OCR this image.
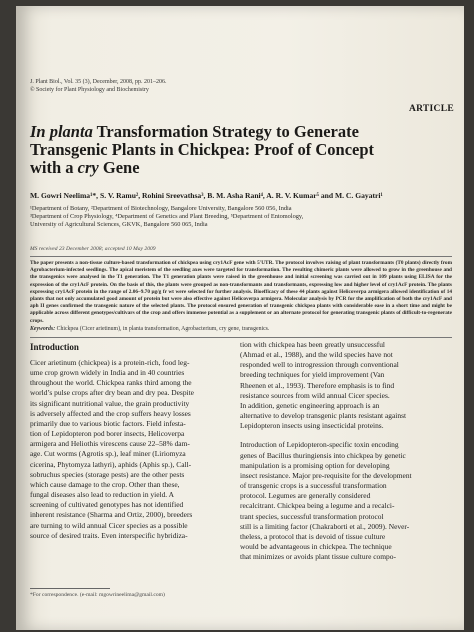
J. Plant Biol., Vol. 35 (3), December, 2008, pp. 201–206.
© Society for Plant Physiology and Biochemistry
ARTICLE
In planta Transformation Strategy to Generate
Transgenic Plants in Chickpea: Proof of Concept
with a cry Gene
M. Gowri Neelima¹*, S. V. Ramu², Rohini Sreevathsa³, B. M. Asha Rani⁴, A. R. V. Kumar⁵ and M. C. Gayatri¹
¹Department of Botany, ²Department of Biotechnology, Bangalore University, Bangalore 560 056, India
³Department of Crop Physiology, ⁴Department of Genetics and Plant Breeding, ⁵Department of Entomology,
University of Agricultural Sciences, GKVK, Bangalore 560 065, India
MS received 23 December 2008; accepted 10 May 2009
The paper presents a non-tissue culture-based transformation of chickpea using cry1AcF gene with 5′UTR. The protocol involves raising of plant transformants (T0 plants) directly from Agrobacterium-infected seedlings. The apical meristem of the seedling axes were targeted for transformation. The resulting chimeric plants were allowed to grow in the greenhouse and the transgenics were analysed in the T1 generation. The T1 generation plants were raised in the greenhouse and initial screening was carried out in 109 plants using ELISA for the expression of the cry1AcF protein. On the basis of this, the plants were grouped as non-transformants and transformants, expressing low and higher level of cry1AcF protein. The plants expressing cry1AcF protein in the range of 2.06–9.70 µg/g fr wt were selected for further analysis. Bioefficacy of these 44 plants against Helicoverpa armigera allowed identification of 14 plants that not only accumulated good amount of protein but were also effective against Helicoverpa armigera. Molecular analysis by PCR for the amplification of both the cry1AcF and aph II genes confirmed the transgenic nature of the selected plants. The protocol ensured generation of transgenic chickpea plants with considerable ease in a short time and might be applicable across different genotypes/cultivars of the crop and offers immense potential as a supplement or an alternate protocol for generating transgenic plants of difficult-to-regenerate crops.
Keywords: Chickpea (Cicer arietinum), in planta transformation, Agrobacterium, cry gene, transgenics.
Introduction

Cicer arietinum (chickpea) is a protein-rich, food leg-

ume crop grown widely in India and in 40 countries

throughout the world. Chickpea ranks third among the

world’s pulse crops after dry bean and dry pea. Despite

its significant nutritional value, the grain productivity

is adversely affected and the crop suffers heavy losses

primarily due to various biotic factors. Field infesta-

tion of Lepidopteron pod borer insects, Helicoverpa

armigera and Heliothis virescens cause 22–58% dam-

age. Cut worms (Agrotis sp.), leaf miner (Liriomyza

cicerina, Phytomyza lathyri), aphids (Aphis sp.), Call-

sobruchus species (storage pests) are the other pests

which cause damage to the crop. Other than these,

fungal diseases also lead to reduction in yield. A

screening of cultivated genotypes has not identified

inherent resistance (Sharma and Ortiz, 2000), breeders

are turning to wild annual Cicer species as a possible

source of desired traits. Even interspecific hybridiza-

tion with chickpea has been greatly unsuccessful

(Ahmad et al., 1988), and the wild species have not

responded well to introgression through conventional

breeding techniques for yield improvement (Van

Rheenen et al., 1993). Therefore emphasis is to find

resistance sources from wild annual Cicer species.

In addition, genetic engineering approach is an

alternative to develop transgenic plants resistant against

Lepidopteron insects using insecticidal proteins.

Introduction of Lepidopteron-specific toxin encoding

genes of Bacillus thuringiensis into chickpea by genetic

manipulation is a promising option for developing

insect resistance. Major pre-requisite for the development

of transgenic crops is a successful transformation

protocol. Legumes are generally considered

recalcitrant. Chickpea being a legume and a recalci-

trant species, successful transformation protocol

still is a limiting factor (Chakraborti et al., 2009). Never-

theless, a protocol that is devoid of tissue culture

would be advantageous in chickpea. The technique

that minimizes or avoids plant tissue culture compo-

*For correspondence. (e-mail: mgowrineelima@gmail.com)
